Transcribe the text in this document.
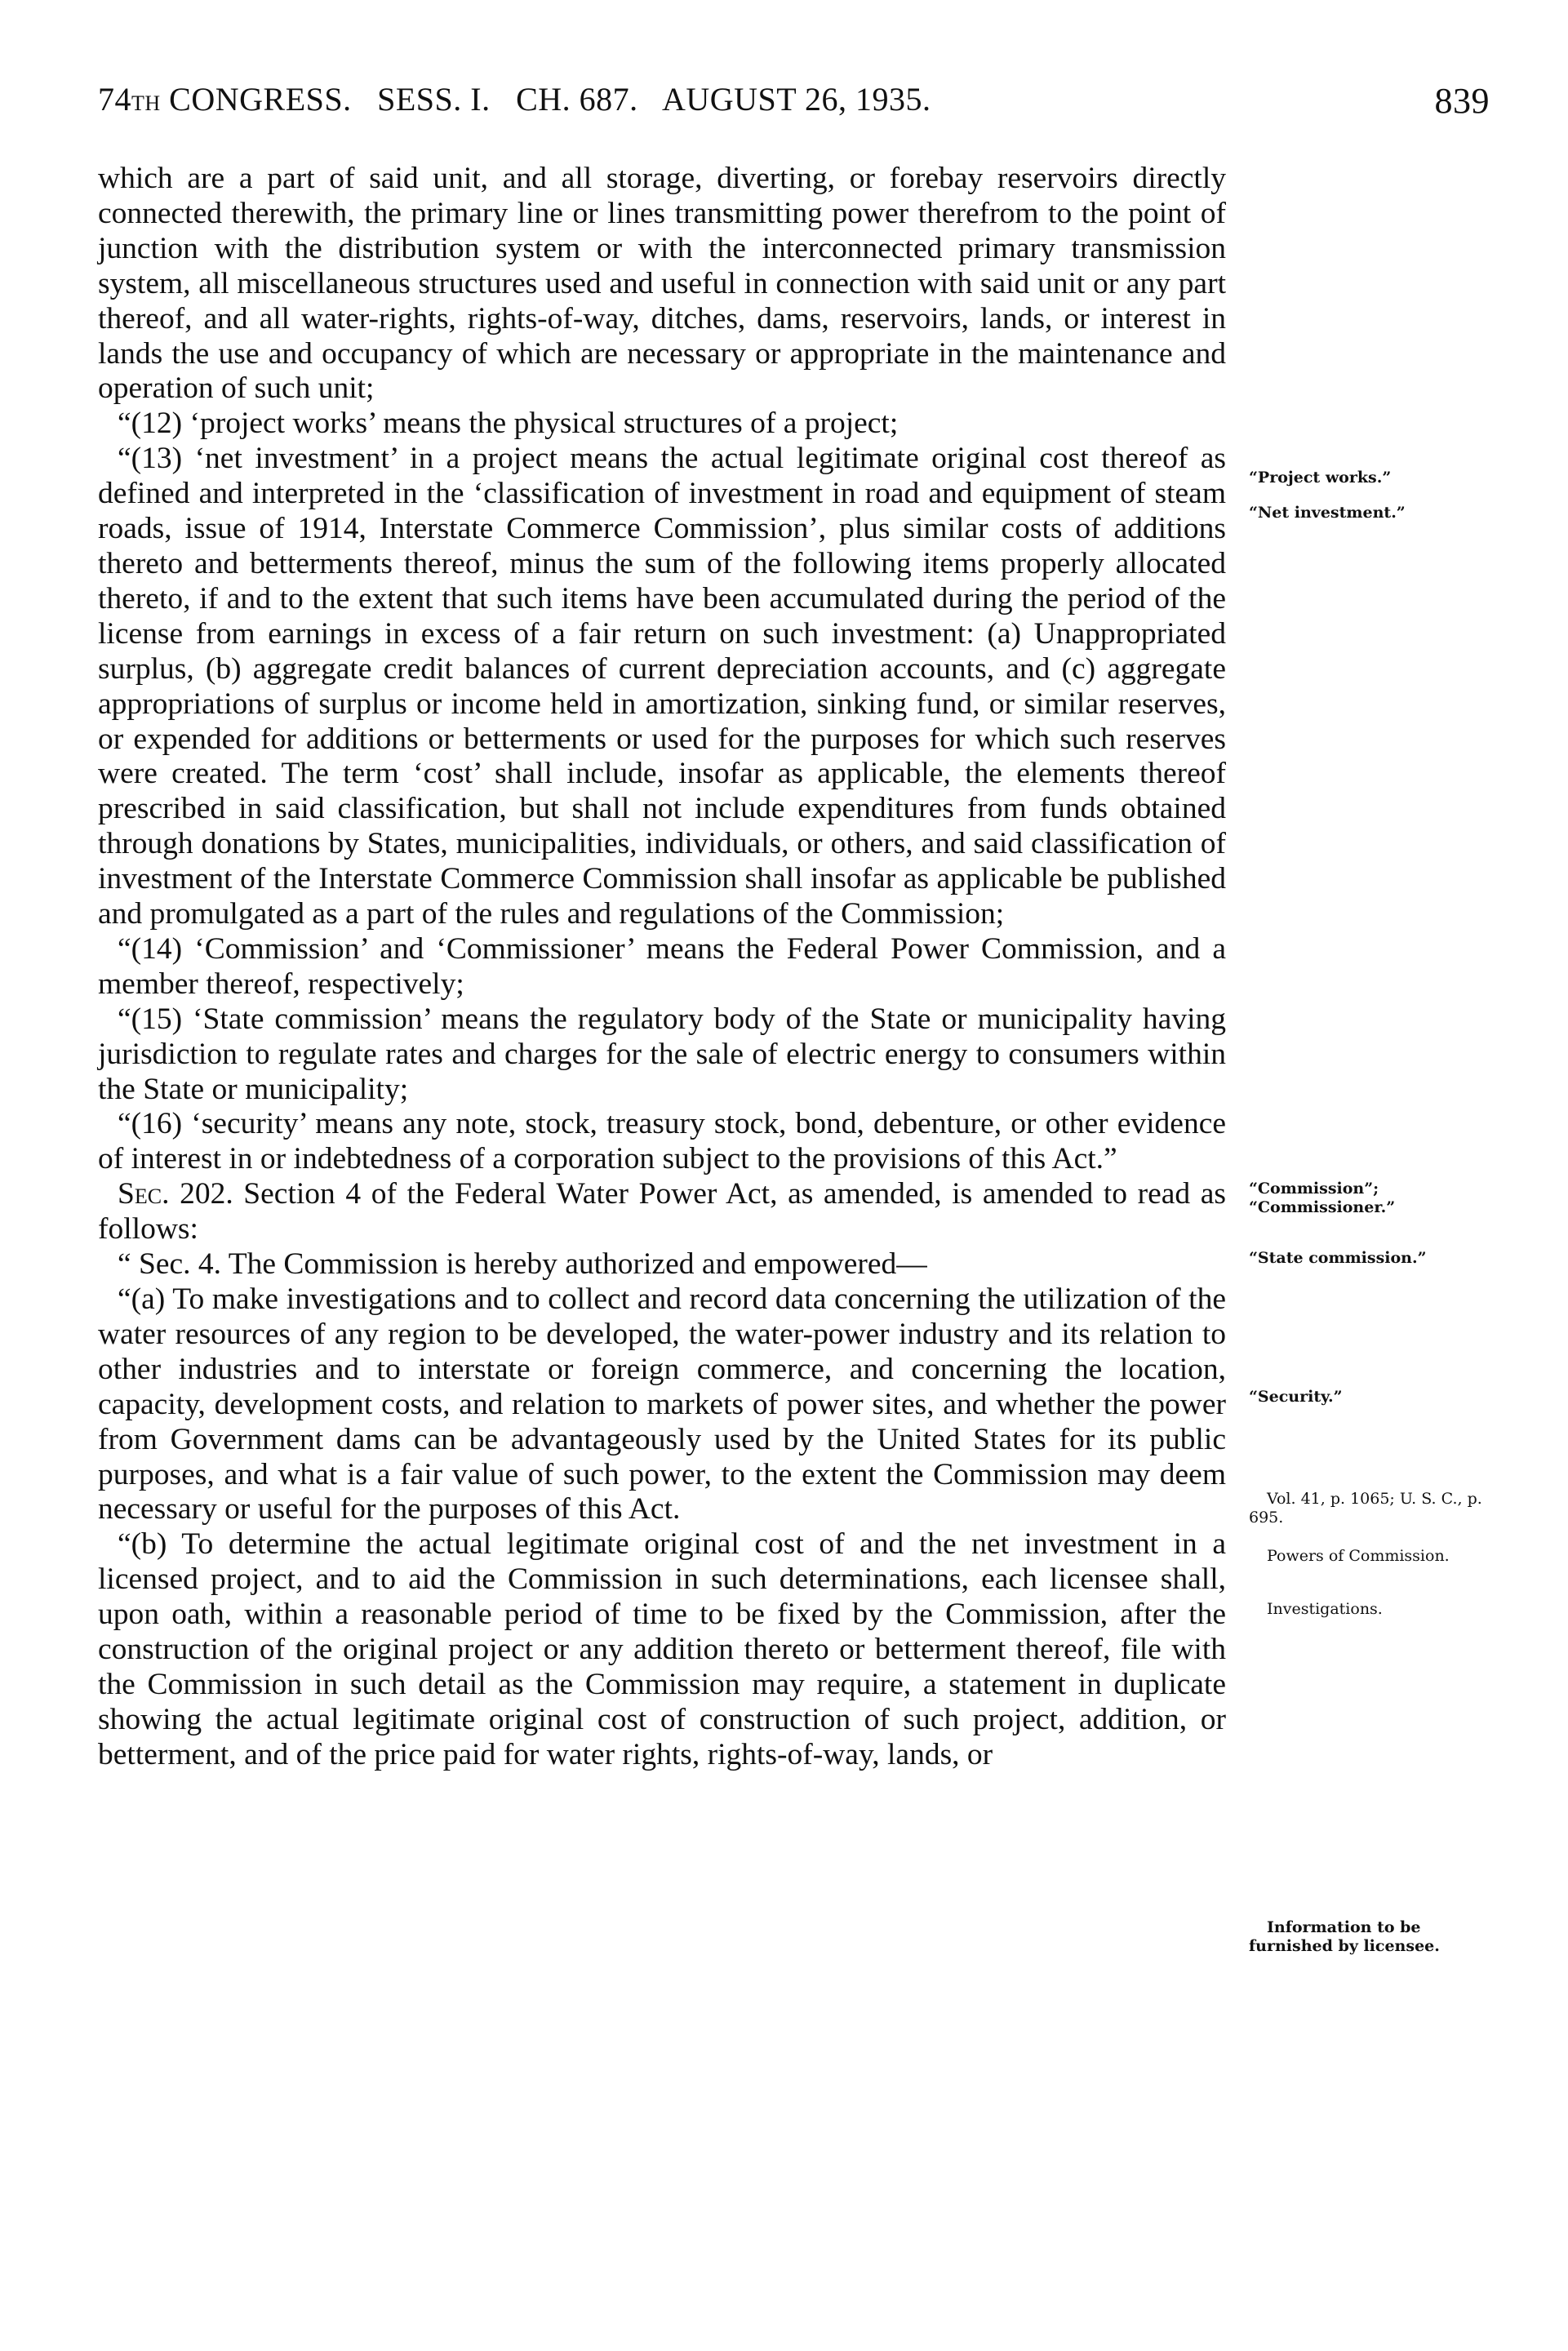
74TH CONGRESS.   SESS. I.   CH. 687.   AUGUST 26, 1935.	839

which are a part of said unit, and all storage, diverting, or forebay reservoirs directly connected therewith, the primary line or lines transmitting power therefrom to the point of junction with the distribution system or with the interconnected primary transmission system, all miscellaneous structures used and useful in connection with said unit or any part thereof, and all water-rights, rights-of-way, ditches, dams, reservoirs, lands, or interest in lands the use and occupancy of which are necessary or appropriate in the maintenance and operation of such unit;

“(12) ‘project works’ means the physical structures of a project;

“(13) ‘net investment’ in a project means the actual legitimate original cost thereof as defined and interpreted in the ‘classification of investment in road and equipment of steam roads, issue of 1914, Interstate Commerce Commission’, plus similar costs of additions thereto and betterments thereof, minus the sum of the following items properly allocated thereto, if and to the extent that such items have been accumulated during the period of the license from earnings in excess of a fair return on such investment: (a) Unappropriated surplus, (b) aggregate credit balances of current depreciation accounts, and (c) aggregate appropriations of surplus or income held in amortization, sinking fund, or similar reserves, or expended for additions or betterments or used for the purposes for which such reserves were created. The term ‘cost’ shall include, insofar as applicable, the elements thereof prescribed in said classification, but shall not include expenditures from funds obtained through donations by States, municipalities, individuals, or others, and said classification of investment of the Interstate Commerce Commission shall insofar as applicable be published and promulgated as a part of the rules and regulations of the Commission;

“(14) ‘Commission’ and ‘Commissioner’ means the Federal Power Commission, and a member thereof, respectively;

“(15) ‘State commission’ means the regulatory body of the State or municipality having jurisdiction to regulate rates and charges for the sale of electric energy to consumers within the State or municipality;

“(16) ‘security’ means any note, stock, treasury stock, bond, debenture, or other evidence of interest in or indebtedness of a corporation subject to the provisions of this Act.”

Sec. 202. Section 4 of the Federal Water Power Act, as amended, is amended to read as follows:

“ Sec. 4. The Commission is hereby authorized and empowered—

“(a) To make investigations and to collect and record data concerning the utilization of the water resources of any region to be developed, the water-power industry and its relation to other industries and to interstate or foreign commerce, and concerning the location, capacity, development costs, and relation to markets of power sites, and whether the power from Government dams can be advantageously used by the United States for its public purposes, and what is a fair value of such power, to the extent the Commission may deem necessary or useful for the purposes of this Act.

“(b) To determine the actual legitimate original cost of and the net investment in a licensed project, and to aid the Commission in such determinations, each licensee shall, upon oath, within a reasonable period of time to be fixed by the Commission, after the construction of the original project or any addition thereto or betterment thereof, file with the Commission in such detail as the Commission may require, a statement in duplicate showing the actual legitimate original cost of construction of such project, addition, or betterment, and of the price paid for water rights, rights-of-way, lands, or

“Project works.”
“Net investment.”
“Commission”; “Commissioner.”
“State commission.”
“Security.”
Vol. 41, p. 1065; U. S. C., p. 695.
Powers of Commission.
Investigations.
Information to be furnished by licensee.
